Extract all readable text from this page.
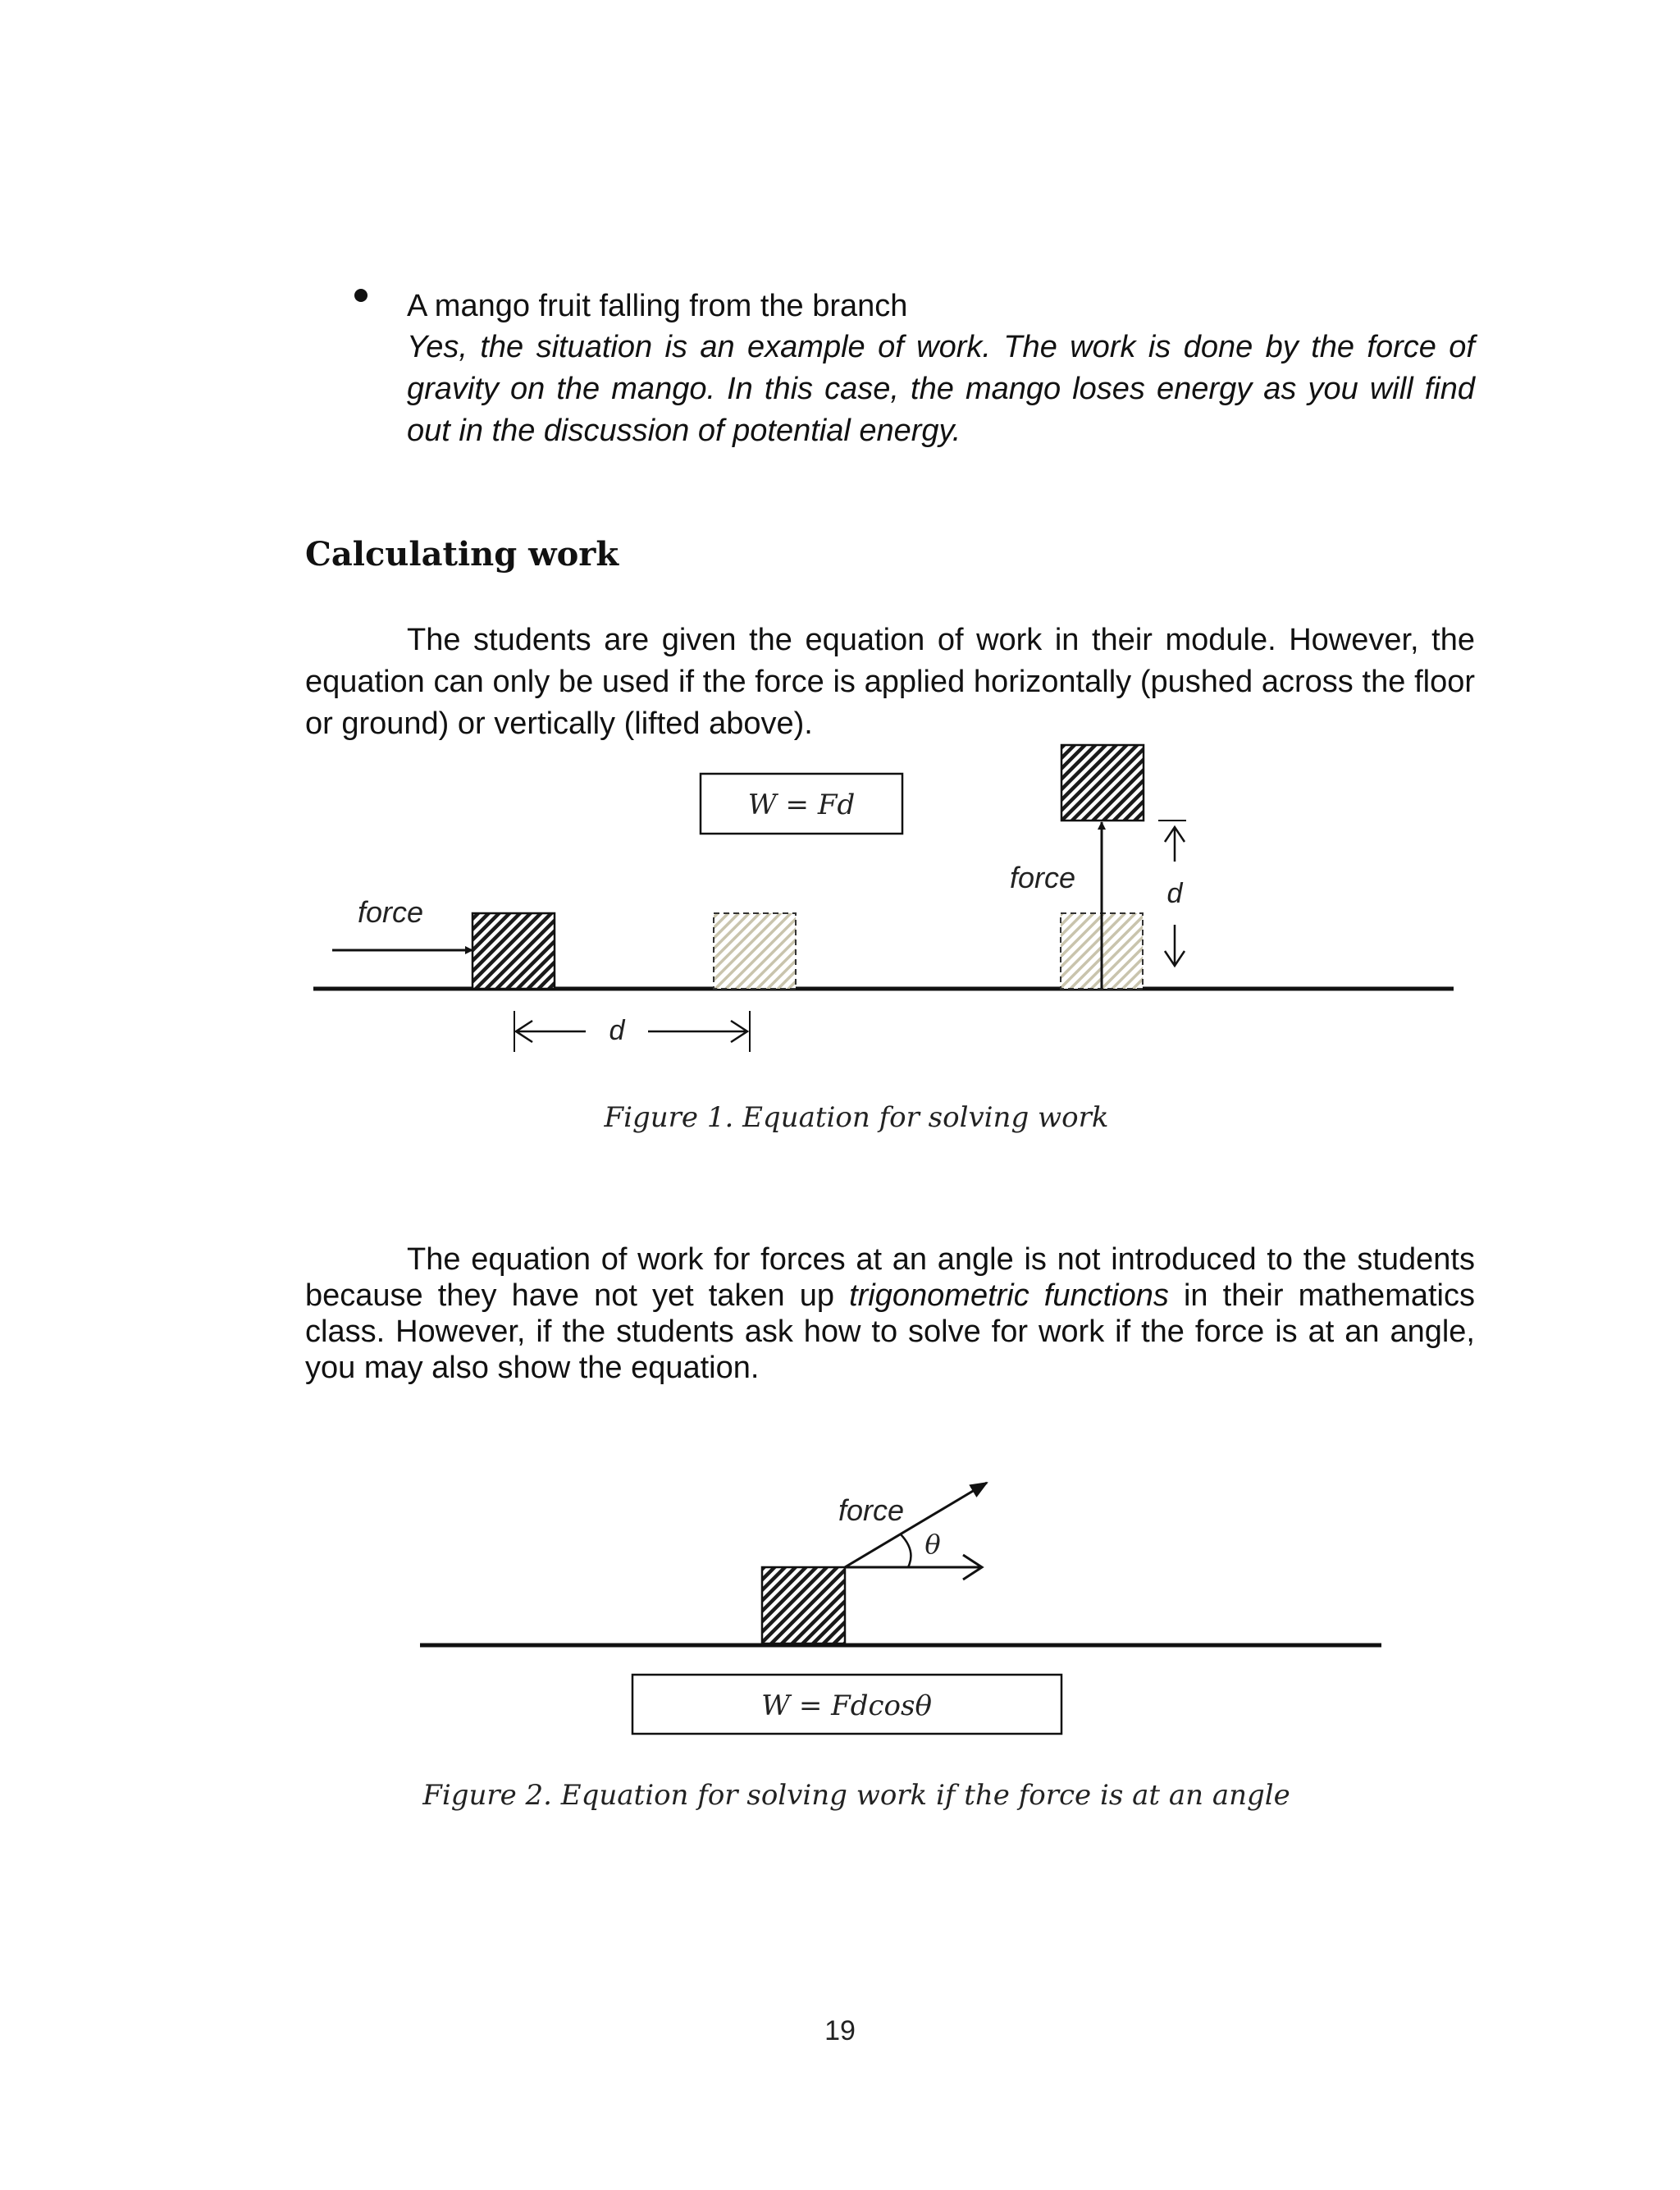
A mango fruit falling from the branch

Yes, the situation is an example of work. The work is done by the force of gravity on the mango. In this case, the mango loses energy as you will find out in the discussion of potential energy.

Calculating work

The students are given the equation of work in their module. However, the equation can only be used if the force is applied horizontally (pushed across the floor or ground) or vertically (lifted above).

W = Fd
force
d
force	d

Figure 1. Equation for solving work

The equation of work for forces at an angle is not introduced to the students because they have not yet taken up trigonometric functions in their mathematics class. However, if the students ask how to solve for work if the force is at an angle, you may also show the equation.

force
θ
W = Fdcosθ

Figure 2. Equation for solving work if the force is at an angle

19
